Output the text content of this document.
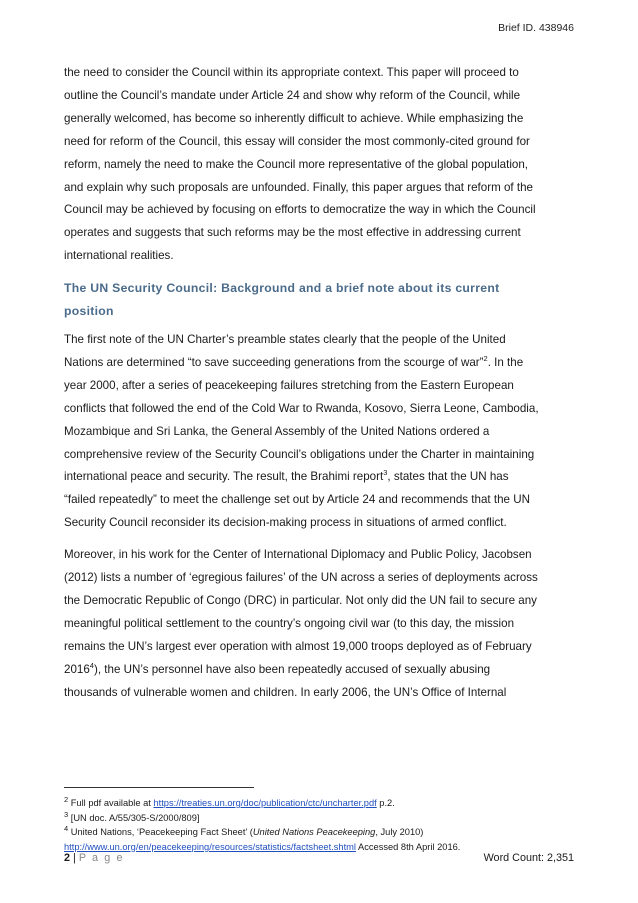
Brief ID. 438946

the need to consider the Council within its appropriate context. This paper will proceed to
outline the Council’s mandate under Article 24 and show why reform of the Council, while
generally welcomed, has become so inherently difficult to achieve. While emphasizing the
need for reform of the Council, this essay will consider the most commonly-cited ground for
reform, namely the need to make the Council more representative of the global population,
and explain why such proposals are unfounded. Finally, this paper argues that reform of the
Council may be achieved by focusing on efforts to democratize the way in which the Council
operates and suggests that such reforms may be the most effective in addressing current
international realities.

The UN Security Council: Background and a brief note about its current
position

The first note of the UN Charter’s preamble states clearly that the people of the United
Nations are determined “to save succeeding generations from the scourge of war”$^2$. In the
year 2000, after a series of peacekeeping failures stretching from the Eastern European
conflicts that followed the end of the Cold War to Rwanda, Kosovo, Sierra Leone, Cambodia,
Mozambique and Sri Lanka, the General Assembly of the United Nations ordered a
comprehensive review of the Security Council’s obligations under the Charter in maintaining
international peace and security. The result, the Brahimi report$^3$, states that the UN has
“failed repeatedly” to meet the challenge set out by Article 24 and recommends that the UN
Security Council reconsider its decision-making process in situations of armed conflict.

Moreover, in his work for the Center of International Diplomacy and Public Policy, Jacobsen
(2012) lists a number of ‘egregious failures’ of the UN across a series of deployments across
the Democratic Republic of Congo (DRC) in particular. Not only did the UN fail to secure any
meaningful political settlement to the country’s ongoing civil war (to this day, the mission
remains the UN’s largest ever operation with almost 19,000 troops deployed as of February
2016$^4$), the UN’s personnel have also been repeatedly accused of sexually abusing
thousands of vulnerable women and children. In early 2006, the UN’s Office of Internal

$^2$ Full pdf available at https://treaties.un.org/doc/publication/ctc/uncharter.pdf p.2.
$^3$ [UN doc. A/55/305-S/2000/809]
$^4$ United Nations, ‘Peacekeeping Fact Sheet’ (United Nations Peacekeeping, July 2010)
http://www.un.org/en/peacekeeping/resources/statistics/factsheet.shtml Accessed 8th April 2016.
2 | P a g e	Word Count: 2,351
